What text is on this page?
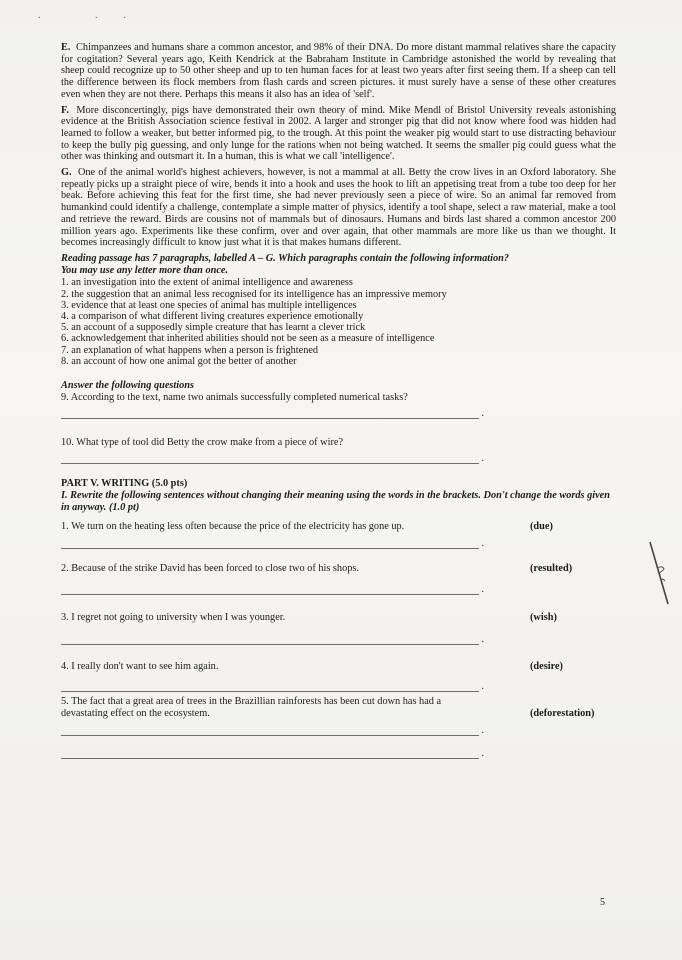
. ..

E. Chimpanzees and humans share a common ancestor, and 98% of their DNA. Do more distant mammal relatives share the capacity for cogitation? Several years ago, Keith Kendrick at the Babraham Institute in Cambridge astonished the world by revealing that sheep could recognize up to 50 other sheep and up to ten human faces for at least two years after first seeing them. If a sheep can tell the difference between its flock members from flash cards and screen pictures. it must surely have a sense of these other creatures even when they are not there. Perhaps this means it also has an idea of 'self'.

F. More disconcertingly, pigs have demonstrated their own theory of mind. Mike Mendl of Bristol University reveals astonishing evidence at the British Association science festival in 2002. A larger and stronger pig that did not know where food was hidden had learned to follow a weaker, but better informed pig, to the trough. At this point the weaker pig would start to use distracting behaviour to keep the bully pig guessing, and only lunge for the rations when not being watched. It seems the smaller pig could guess what the other was thinking and outsmart it. In a human, this is what we call 'intelligence'.

G. One of the animal world's highest achievers, however, is not a mammal at all. Betty the crow lives in an Oxford laboratory. She repeatly picks up a straight piece of wire, bends it into a hook and uses the hook to lift an appetising treat from a tube too deep for her beak. Before achieving this feat for the first time, she had never previously seen a piece of wire. So an animal far removed from humankind could identify a challenge, contemplate a simple matter of physics, identify a tool shape, select a raw material, make a tool and retrieve the reward. Birds are cousins not of mammals but of dinosaurs. Humans and birds last shared a common ancestor 200 million years ago. Experiments like these confirm, over and over again, that other mammals are more like us than we thought. It becomes increasingly difficult to know just what it is that makes humans different.

Reading passage has 7 paragraphs, labelled A – G. Which paragraphs contain the following information?

You may use any letter more than once.

1. an investigation into the extent of animal intelligence and awareness
2. the suggestion that an animal less recognised for its intelligence has an impressive memory
3. evidence that at least one species of animal has multiple intelligences
4. a comparison of what different living creatures experience emotionally
5. an account of a supposedly simple creature that has learnt a clever trick
6. acknowledgement that inherited abilities should not be seen as a measure of intelligence
7. an explanation of what happens when a person is frightened
8. an account of how one animal got the better of another

Answer the following questions

9. According to the text, name two animals successfully completed numerical tasks?
.
10. What type of tool did Betty the crow make from a piece of wire?
.
PART V. WRITING (5.0 pts)

I. Rewrite the following sentences without changing their meaning using the words in the brackets. Don't change the words given in anyway. (1.0 pt)

1. We turn on the heating less often because the price of the electricity has gone up.	(due)
.
2. Because of the strike David has been forced to close two of his shops.	(resulted)
.
3. I regret not going to university when I was younger.	(wish)
.
4. I really don't want to see him again.	(desire)
.
5. The fact that a great area of trees in the Brazillian rainforests has been cut down has had a devastating effect on the ecosystem.	(deforestation)
.
.
5
